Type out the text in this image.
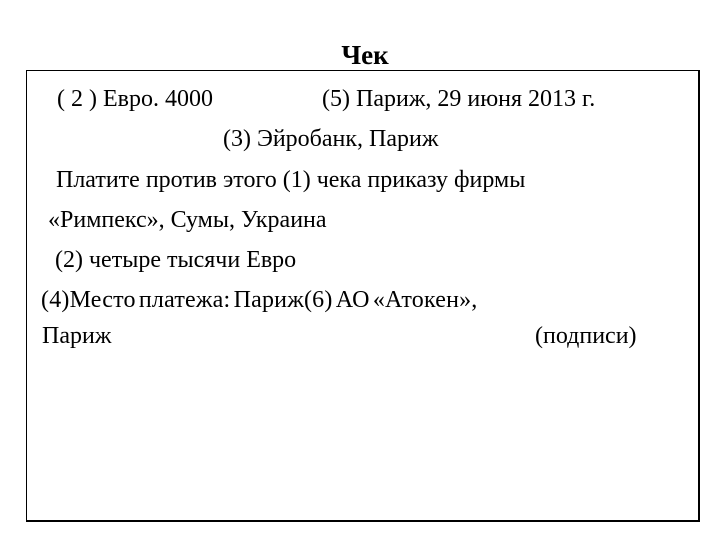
Чек
( 2 ) Евро. 4000	(5) Париж, 29 июня 2013 г.
(3) Эйробанк, Париж
Платите против этого (1) чека приказу фирмы
«Римпекс», Сумы, Украина
(2) четыре тысячи Евро
(4)Место платежа: Париж(6) АО «Атокен»,
Париж	(подписи)
